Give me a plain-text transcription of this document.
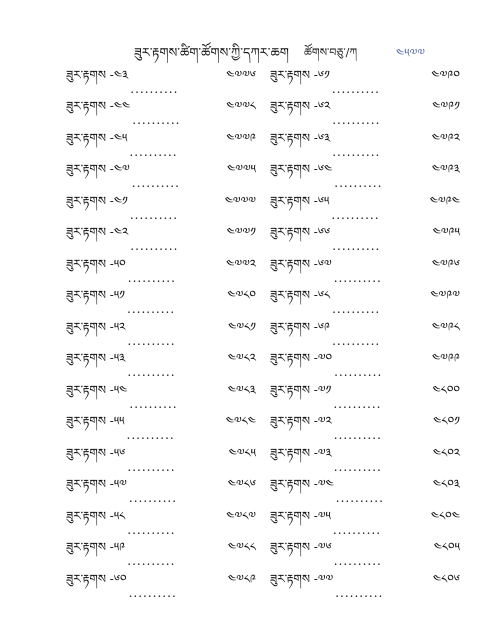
ཟུར་རྟགས་ཚིག་ཚོགས་ཀྱི་དཀར་ཆག ཚོགས་བཅུ་/ཀ	༤༥༧༧
ཟུར་རྟགས -༤༣
..........
༤༧༧༦
ཟུར་རྟགས -༤༤
..........
༤༧༧༨
ཟུར་རྟགས -༤༥
..........
༤༧༧༩
ཟུར་རྟགས -༤༧
..........
༤༧༧༥
ཟུར་རྟགས -༤༡
..........
༤༧༧༧
ཟུར་རྟགས -༤༢
..........
༤༧༧༡
ཟུར་རྟགས -༥༠
..........
༤༧༧༢
ཟུར་རྟགས -༥༡
..........
༤༧༨༠
ཟུར་རྟགས -༥༢
..........
༤༧༨༡
ཟུར་རྟགས -༥༣
..........
༤༧༨༢
ཟུར་རྟགས -༥༤
..........
༤༧༨༣
ཟུར་རྟགས -༥༥
..........
༤༧༨༤
ཟུར་རྟགས -༥༦
..........
༤༧༨༥
ཟུར་རྟགས -༥༧
..........
༤༧༨༦
ཟུར་རྟགས -༥༨
..........
༤༧༨༧
ཟུར་རྟགས -༥༩
..........
༤༧༨༨
ཟུར་རྟགས -༦༠
..........
༤༧༨༩
ཟུར་རྟགས -༦༡
..........
༤༧༩༠
ཟུར་རྟགས -༦༢
..........
༤༧༩༡
ཟུར་རྟགས -༦༣
..........
༤༧༩༢
ཟུར་རྟགས -༦༤
..........
༤༧༩༣
ཟུར་རྟགས -༦༥
..........
༤༧༩༤
ཟུར་རྟགས -༦༦
..........
༤༧༩༥
ཟུར་རྟགས -༦༧
..........
༤༧༩༦
ཟུར་རྟགས -༦༨
..........
༤༧༩༧
ཟུར་རྟགས -༦༩
..........
༤༧༩༨
ཟུར་རྟགས -༧༠
..........
༤༧༩༩
ཟུར་རྟགས -༧༡
..........
༤༨༠༠
ཟུར་རྟགས -༧༢
..........
༤༨༠༡
ཟུར་རྟགས -༧༣
..........
༤༨༠༢
ཟུར་རྟགས -༧༤
..........
༤༨༠༣
ཟུར་རྟགས -༧༥
..........
༤༨༠༤
ཟུར་རྟགས -༧༦
..........
༤༨༠༥
ཟུར་རྟགས -༧༧
..........
༤༨༠༦
